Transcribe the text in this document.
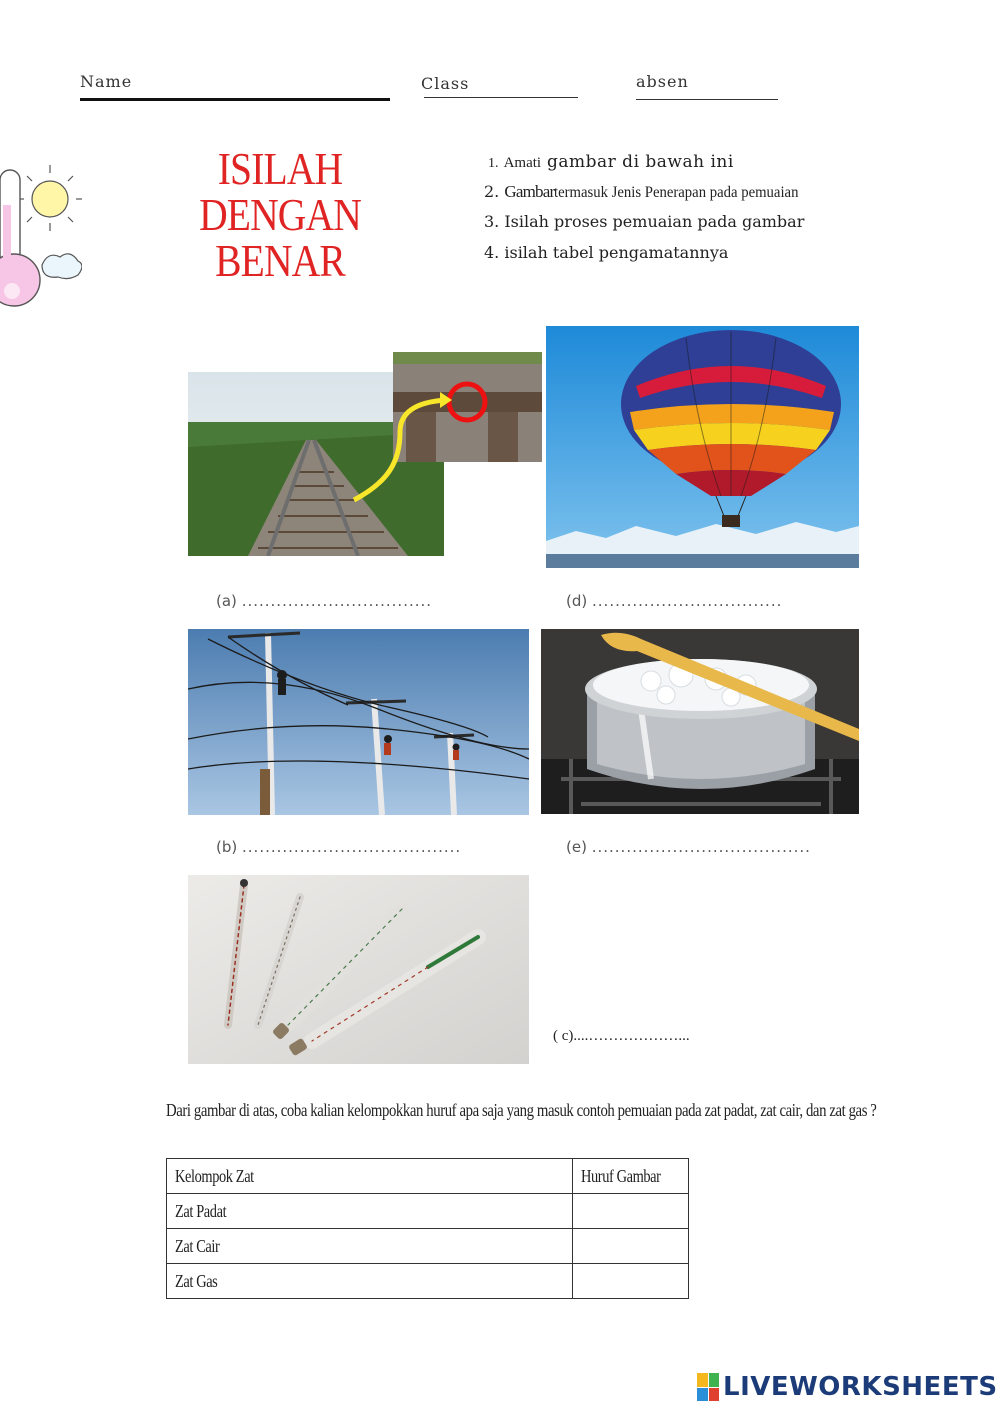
Name	Class	absen
ISILAH
DENGAN
BENAR
1. Amati gambar di bawah ini
2. Gambartermasuk Jenis Penerapan pada pemuaian
3. Isilah proses pemuaian pada gambar
4. isilah tabel pengamatannya
(a) .................................	(d) .................................
(b) ......................................	(e) ......................................
( c)....………………...
Dari gambar di atas, coba kalian kelompokkan huruf apa saja yang masuk contoh pemuaian pada zat padat, zat cair, dan zat gas ?
Kelompok Zat	Huruf Gambar
Zat Padat	
Zat Cair	
Zat Gas	
LIVEWORKSHEETS
